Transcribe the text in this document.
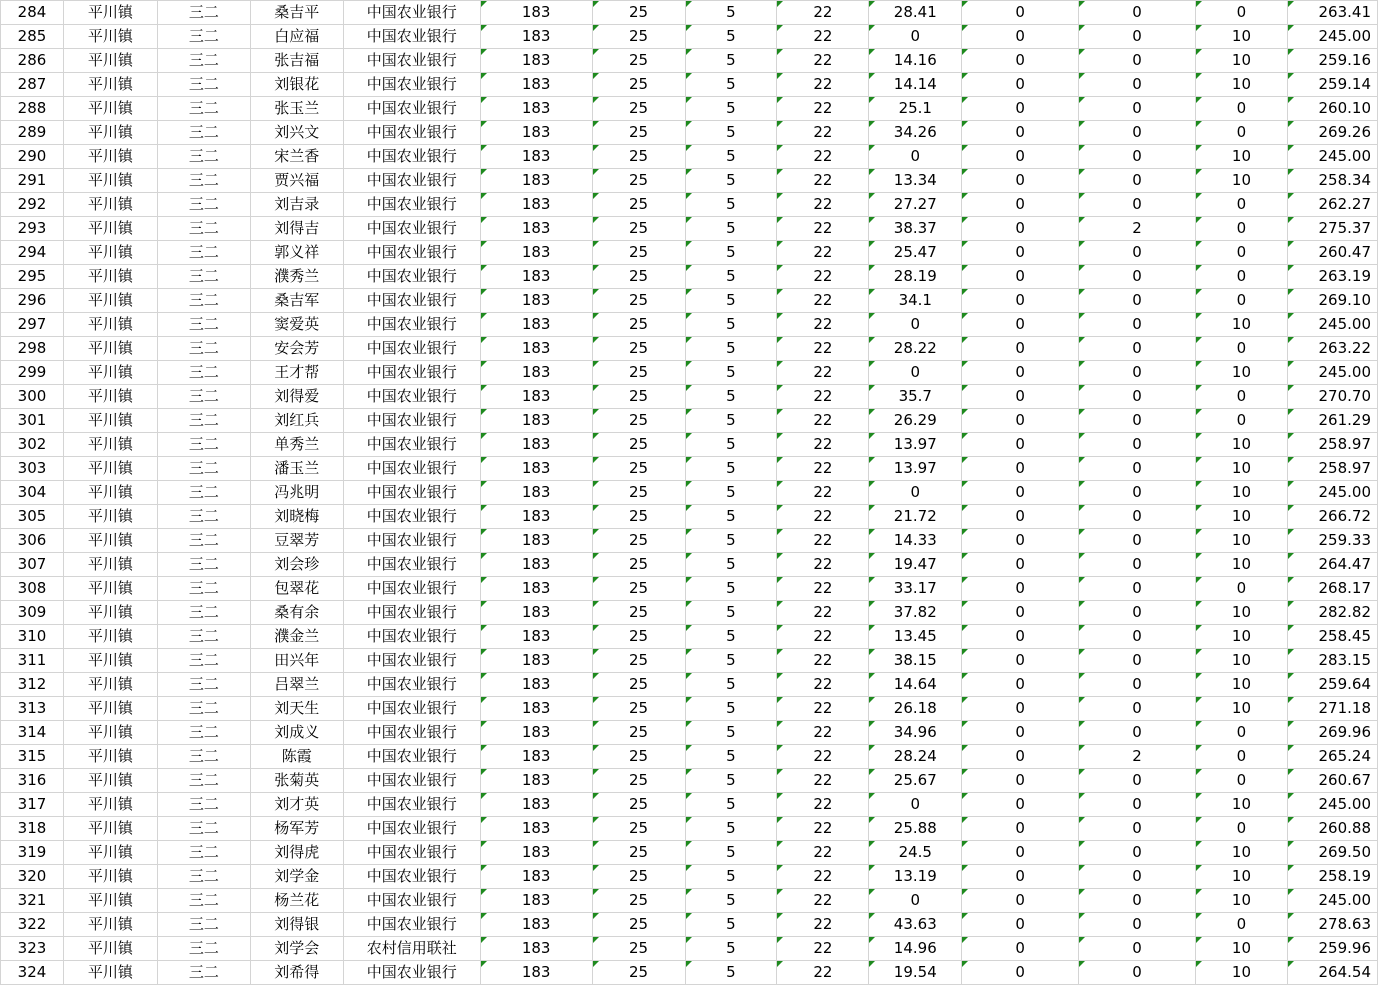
284	平川镇	三二	桑吉平	中国农业银行	183	25	5	22	28.41	0	0	0	263.41
285	平川镇	三二	白应福	中国农业银行	183	25	5	22	0	0	0	10	245.00
286	平川镇	三二	张吉福	中国农业银行	183	25	5	22	14.16	0	0	10	259.16
287	平川镇	三二	刘银花	中国农业银行	183	25	5	22	14.14	0	0	10	259.14
288	平川镇	三二	张玉兰	中国农业银行	183	25	5	22	25.1	0	0	0	260.10
289	平川镇	三二	刘兴文	中国农业银行	183	25	5	22	34.26	0	0	0	269.26
290	平川镇	三二	宋兰香	中国农业银行	183	25	5	22	0	0	0	10	245.00
291	平川镇	三二	贾兴福	中国农业银行	183	25	5	22	13.34	0	0	10	258.34
292	平川镇	三二	刘吉录	中国农业银行	183	25	5	22	27.27	0	0	0	262.27
293	平川镇	三二	刘得吉	中国农业银行	183	25	5	22	38.37	0	2	0	275.37
294	平川镇	三二	郭义祥	中国农业银行	183	25	5	22	25.47	0	0	0	260.47
295	平川镇	三二	濮秀兰	中国农业银行	183	25	5	22	28.19	0	0	0	263.19
296	平川镇	三二	桑吉军	中国农业银行	183	25	5	22	34.1	0	0	0	269.10
297	平川镇	三二	窦爱英	中国农业银行	183	25	5	22	0	0	0	10	245.00
298	平川镇	三二	安会芳	中国农业银行	183	25	5	22	28.22	0	0	0	263.22
299	平川镇	三二	王才帮	中国农业银行	183	25	5	22	0	0	0	10	245.00
300	平川镇	三二	刘得爱	中国农业银行	183	25	5	22	35.7	0	0	0	270.70
301	平川镇	三二	刘红兵	中国农业银行	183	25	5	22	26.29	0	0	0	261.29
302	平川镇	三二	单秀兰	中国农业银行	183	25	5	22	13.97	0	0	10	258.97
303	平川镇	三二	潘玉兰	中国农业银行	183	25	5	22	13.97	0	0	10	258.97
304	平川镇	三二	冯兆明	中国农业银行	183	25	5	22	0	0	0	10	245.00
305	平川镇	三二	刘晓梅	中国农业银行	183	25	5	22	21.72	0	0	10	266.72
306	平川镇	三二	豆翠芳	中国农业银行	183	25	5	22	14.33	0	0	10	259.33
307	平川镇	三二	刘会珍	中国农业银行	183	25	5	22	19.47	0	0	10	264.47
308	平川镇	三二	包翠花	中国农业银行	183	25	5	22	33.17	0	0	0	268.17
309	平川镇	三二	桑有余	中国农业银行	183	25	5	22	37.82	0	0	10	282.82
310	平川镇	三二	濮金兰	中国农业银行	183	25	5	22	13.45	0	0	10	258.45
311	平川镇	三二	田兴年	中国农业银行	183	25	5	22	38.15	0	0	10	283.15
312	平川镇	三二	吕翠兰	中国农业银行	183	25	5	22	14.64	0	0	10	259.64
313	平川镇	三二	刘天生	中国农业银行	183	25	5	22	26.18	0	0	10	271.18
314	平川镇	三二	刘成义	中国农业银行	183	25	5	22	34.96	0	0	0	269.96
315	平川镇	三二	陈霞	中国农业银行	183	25	5	22	28.24	0	2	0	265.24
316	平川镇	三二	张菊英	中国农业银行	183	25	5	22	25.67	0	0	0	260.67
317	平川镇	三二	刘才英	中国农业银行	183	25	5	22	0	0	0	10	245.00
318	平川镇	三二	杨军芳	中国农业银行	183	25	5	22	25.88	0	0	0	260.88
319	平川镇	三二	刘得虎	中国农业银行	183	25	5	22	24.5	0	0	10	269.50
320	平川镇	三二	刘学金	中国农业银行	183	25	5	22	13.19	0	0	10	258.19
321	平川镇	三二	杨兰花	中国农业银行	183	25	5	22	0	0	0	10	245.00
322	平川镇	三二	刘得银	中国农业银行	183	25	5	22	43.63	0	0	0	278.63
323	平川镇	三二	刘学会	农村信用联社	183	25	5	22	14.96	0	0	10	259.96
324	平川镇	三二	刘希得	中国农业银行	183	25	5	22	19.54	0	0	10	264.54
